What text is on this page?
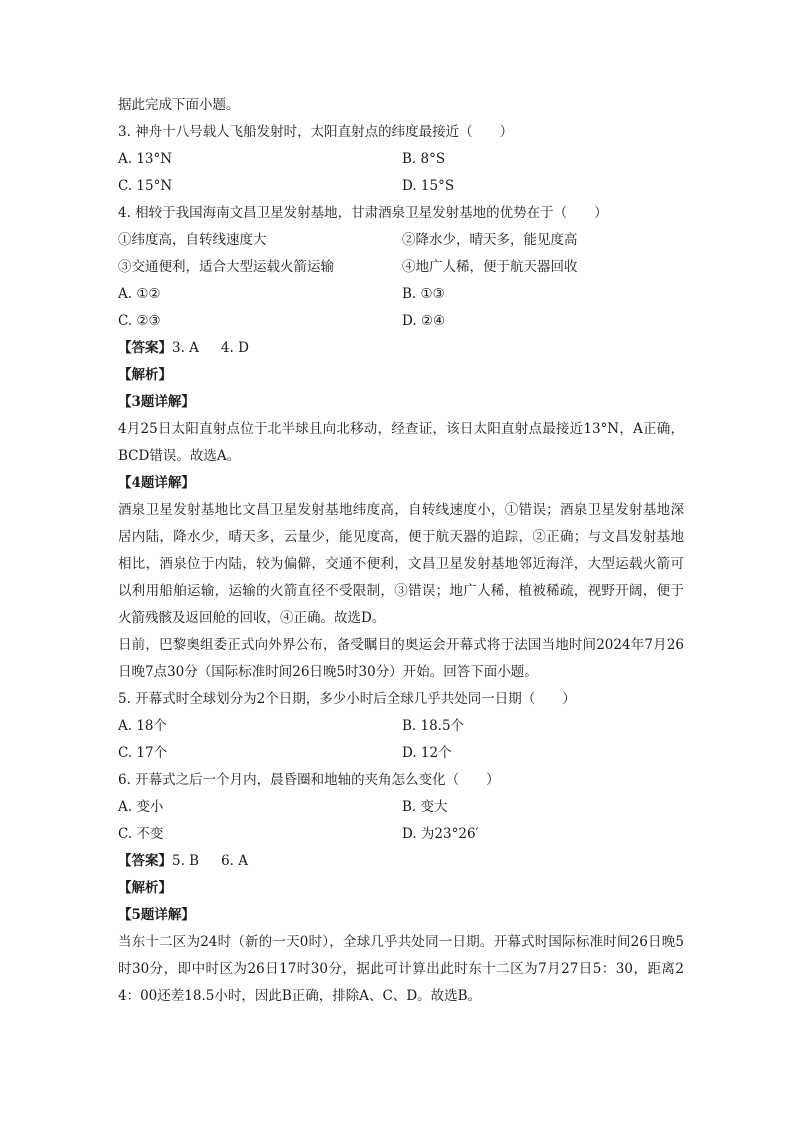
据此完成下面小题。
3. 神舟十八号载人飞船发射时，太阳直射点的纬度最接近（　　）
A. 13°N	B. 8°S
C. 15°N	D. 15°S
4. 相较于我国海南文昌卫星发射基地，甘肃酒泉卫星发射基地的优势在于（　　）
①纬度高，自转线速度大	②降水少，晴天多，能见度高
③交通便利，适合大型运载火箭运输	④地广人稀，便于航天器回收
A. ①②	B. ①③
C. ②③	D. ②④
【答案】3. A 4. D
【解析】
【3题详解】
4月25日太阳直射点位于北半球且向北移动，经查证，该日太阳直射点最接近13°N，A正确，BCD错误。故选A。
【4题详解】
酒泉卫星发射基地比文昌卫星发射基地纬度高，自转线速度小，①错误；酒泉卫星发射基地深居内陆，降水少，晴天多，云量少，能见度高，便于航天器的追踪，②正确；与文昌发射基地相比，酒泉位于内陆，较为偏僻，交通不便利，文昌卫星发射基地邻近海洋，大型运载火箭可以利用船舶运输，运输的火箭直径不受限制，③错误；地广人稀，植被稀疏，视野开阔，便于火箭残骸及返回舱的回收，④正确。故选D。
日前，巴黎奥组委正式向外界公布，备受瞩目的奥运会开幕式将于法国当地时间2024年7月26日晚7点30分（国际标准时间26日晚5时30分）开始。回答下面小题。
5. 开幕式时全球划分为2个日期，多少小时后全球几乎共处同一日期（　　）
A. 18个	B. 18.5个
C. 17个	D. 12个
6. 开幕式之后一个月内，晨昏圈和地轴的夹角怎么变化（　　）
A. 变小	B. 变大
C. 不变	D. 为23°26′
【答案】5. B 6. A
【解析】
【5题详解】
当东十二区为24时（新的一天0时），全球几乎共处同一日期。开幕式时国际标准时间26日晚5时30分，即中时区为26日17时30分，据此可计算出此时东十二区为7月27日5：30，距离24：00还差18.5小时，因此B正确，排除A、C、D。故选B。
